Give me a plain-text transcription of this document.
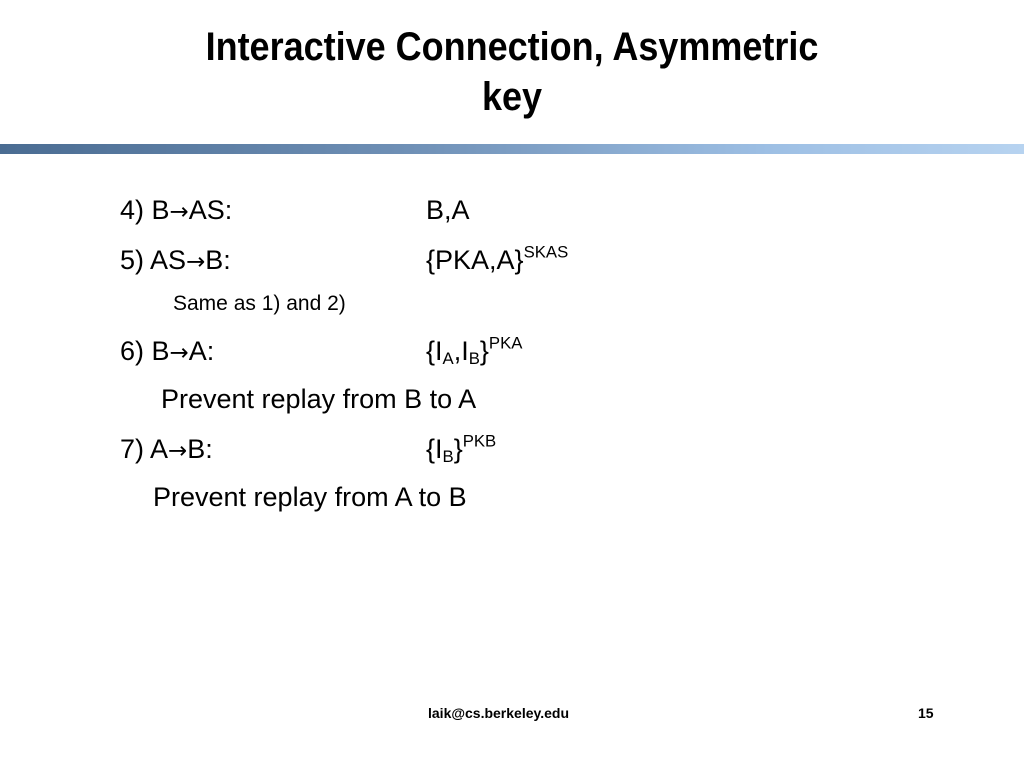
Interactive Connection, Asymmetric
key
4) B→AS:	B,A
5) AS→B:	$\{PKA,A\}^{SKAS}$
Same as 1) and 2)
6) B→A:	$\{I_A,I_B\}^{PKA}$
Prevent replay from B to A
7) A→B:	$\{I_B\}^{PKB}$
Prevent replay from A to B
laik@cs.berkeley.edu	15
